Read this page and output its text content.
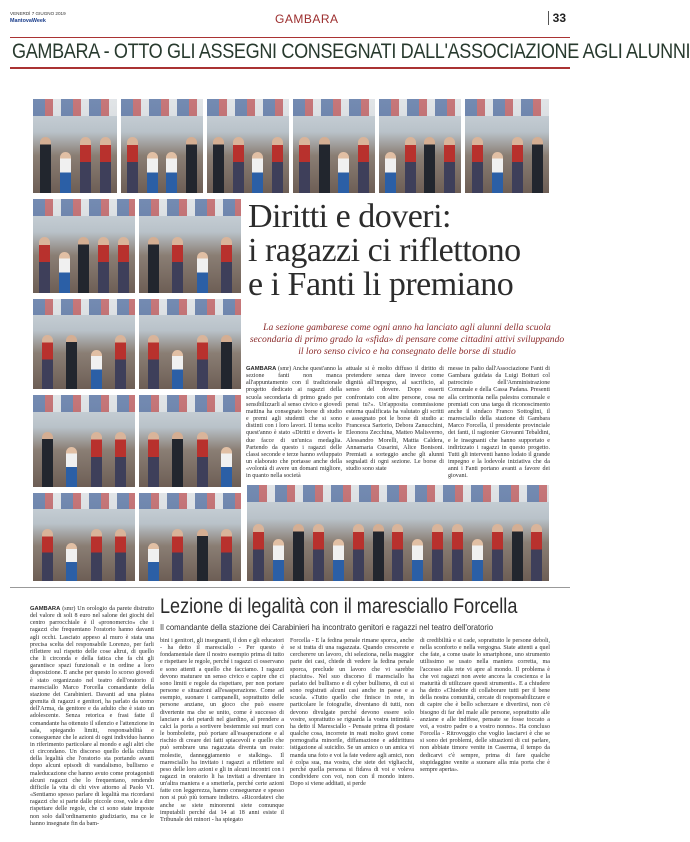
VENERDÌ 7 GIUGNO 2019
MantovaWeek	GAMBARA	33
GAMBARA - OTTO GLI ASSEGNI CONSEGNATI DALL'ASSOCIAZIONE AGLI ALUNNI
Diritti e doveri:
i ragazzi ci riflettono
e i Fanti li premiano
La sezione gambarese come ogni anno ha lanciato agli alunni della scuola secondaria di primo grado la «sfida» di pensare come cittadini attivi sviluppando il loro senso civico e ha consegnato delle borse di studio

GAMBARA (smr) Anche quest'anno la sezione fanti non manca all'appuntamento con il tradizionale progetto dedicato ai ragazzi della scuola secondaria di primo grado per sensibilizzarli al senso civico e giovedì mattina ha consegnato borse di studio e premi agli studenti che si sono distinti con i loro lavori. Il tema scelto quest'anno è stato «Diritti e doveri» le due facce di un'unica medaglia. Partendo da questo i ragazzi delle classi seconde e terze hanno sviluppato un elaborato che portasse anche della «volontà di avere un domani migliore, in quanto nella società

attuale si è molto diffuso il diritto di pretendere senza dare invece come dignità all'impegno, al sacrificio, al senso del dovere. Dopo esserti confrontato con altre persone, cosa ne pensi tu?». Un'apposita commissione esterna qualificata ha valutato gli scritti e assegnato poi le borse di studio a: Francesca Sartorio, Debora Zanucchini, Eleonora Zecchina, Matteo Malisverno, Alessandro Morelli, Mattia Caldera, Annamaria Cusarini, Alice Bonisoni. Premiati a sorteggio anche gli alunni segnalati di ogni sezione. Le borse di studio sono state

messe in palio dall'Associazione Fanti di Gambara guidata da Luigi Botturi col patrocinio dell'Amministrazione Comunale e della Cassa Padana. Presenti alla cerimonia nella palestra comunale e premiati con una targa di riconoscimento anche il sindaco Franco Sottoglini, il maresciallo della stazione di Gambara Marco Forcella, il presidente provinciale dei fanti, il ragionier Giovanni Tebaldini, e le insegnanti che hanno supportato e indirizzato i ragazzi in questo progetto. Tutti gli interventi hanno lodato il grande impegno e la lodevole iniziativa che da anni i Fanti portano avanti a favore dei giovani.

Lezione di legalità con il maresciallo Forcella
Il comandante della stazione dei Carabinieri ha incontrato genitori e ragazzi nel teatro dell'oratorio

GAMBARA (smr) Un orologio da parete distrutto del valore di soli 8 euro nel salone dei giochi del centro parrocchiale è il «pronomercio» che i ragazzi che frequentano l'oratorio hanno davanti agli occhi. Lasciato appeso al muro è stata una precisa scelta del responsabile Lorenzo, per farli riflettere sul rispetto delle cose altrui, di quello che li circonda e della fatica che fa chi gli garantisce spazi funzionali e in ordine a loro disposizione. E anche per questo lo scorso giovedì è stato organizzato nel teatro dell'oratorio il maresciallo Marco Forcella comandante della stazione dei Carabinieri. Davanti ad una platea gremita di ragazzi e genitori, ha parlato da uomo dell'Arma, da genitore e da adulto che è stato un adolescente. Senza retorica e frasi fatte il comandante ha ottenuto il silenzio e l'attenzione in sala, spiegando limiti, responsabilità e conseguenze che le azioni di ogni individuo hanno in riferimento particolare al mondo e agli altri che ci circondano. Un discorso quello della cultura della legalità che l'oratorio sta portando avanti dopo alcuni episodi di vandalismo, bullismo e maleducazione che hanno avuto come protagonisti alcuni ragazzi che lo frequentano, rendendo difficile la vita di chi vive attorno al Paolo VI. «Sentiamo spesso parlare di legalità ma ricordarsi ragazzi che si parte dalle piccole cose, vale a dire rispettare delle regole, che ci sono state imposte non solo dall'ordinamento giudiziario, ma ce le hanno insegnate fin da bam-

bini i genitori, gli insegnanti, il don e gli educatori - ha detto il maresciallo - Per questo è fondamentale dare il nostro esempio prima di tutto e rispettare le regole, perché i ragazzi ci osservano e sono attenti a quello che facciamo. I ragazzi devono maturare un senso civico e capire che ci sono limiti e regole da rispettare, per non portare persone e situazioni all'esasperazione. Come ad esempio, suonare i campanelli, soprattutto delle persone anziane, un gioco che può essere divertente ma che se unito, come è successo di lanciare a dei petardi nel giardino, al prendere a calci la porta a sortivere bestemmie sui muri con le bombolette, può portare all'esasperazione e al rischio di creare dei fatti spiacevoli e quello che può sembrare una ragazzata diventa un reato: molestie, danneggiamento e stalking». Il maresciallo ha invitato i ragazzi a riflettere sul peso delle loro azioni e gli in alcuni incontri con i ragazzi in oratorio li ha invitati a diventare in un'altra maniera e a smetterla, perché certe azioni fatte con leggerezza, hanno conseguenze e spesso non si può più tornare indietro. «Ricordatevi che anche se siete minorenni siete comunque imputabili perché dai 14 ai 18 anni esiste il Tribunale dei minori - ha spiegato

Forcella - E la fedina penale rimane sporca, anche se si tratta di una ragazzata. Quando crescerete e cerchereте un lavoro, chi seleziona, nella maggior parte dei casi, chiede di vedere la fedina penale sporca, preclude un lavoro che vi sarebbe piaciuto». Nel suo discorso il maresciallo ha parlato del bullismo e di cyber bullismo, di cui si sono registrati alcuni casi anche in paese e a scuola. «Tutto quello che finisce in rete, in particolare le fotografie, diventano di tutti, non devono divulgate perché devono essere solo vostre, soprattutto se riguarda la vostra intimità - ha detto il Maresciallo - Pensate prima di postare qualche cosa, incorrete in reati molto gravi come pornografia minorile, diffamazione e addirittura istigazione al suicidio. Se un amico o un amica vi manda una foto e voi la fate vedere agli amici, non è colpa sua, ma vostra, che siete dei vigliacchi, perché quella persona si fidava di voi e voleva condividere con voi, non con il mondo intero. Dopo si viene additati, si perde

di credibilità e si cade, soprattutto le persone deboli, nella sconforto e nella vergogna. State attenti a quel che fate, a come usate lo smartphone, uno strumento utilissimo se usato nella maniera corretta, ma l'accesso alla rete vi apre al mondo. Il problema è che voi ragazzi non avete ancora la coscienza e la maturità di utilizzare questi strumenti». E a chiudere ha detto «Chiedete di collaborare tutti per il bene della nostra comunità, cercate di responsabilizzare e di capire che è bello scherzare e divertirsi, non c'è bisogno di far del male alle persone, soprattutto alle anziane e alle indifese, pensate se fosse toccato a voi, a vostro padre o a vostro nonno». Ha concluso Forcella - Ritrovoggio che voglio lasciarvi è che se si sono dei problemi, delle situazioni di cui parlare, non abbiate timore venite in Caserma, il tempo da dedicarvi c'è sempre, prima di fare qualche stupidaggine venite a suonare alla mia porta che è sempre aperta».
